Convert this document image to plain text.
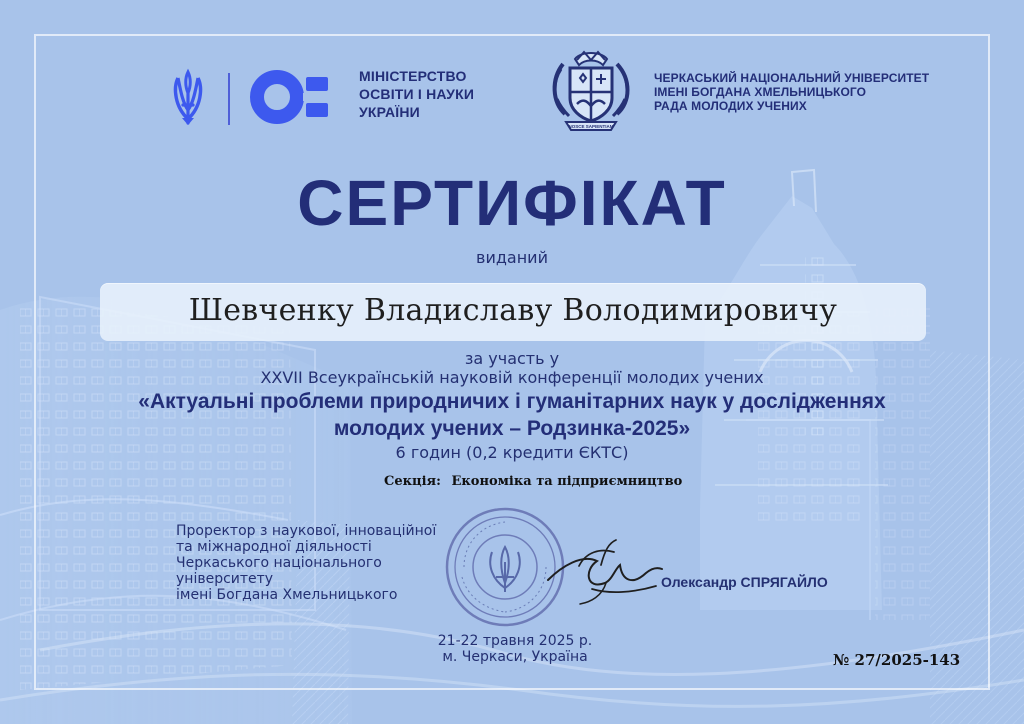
МІНІСТЕРСТВО
ОСВІТИ І НАУКИ
УКРАЇНИ
NOSCE SAPIENTIAM
ЧЕРКАСЬКИЙ НАЦІОНАЛЬНИЙ УНІВЕРСИТЕТ
ІМЕНІ БОГДАНА ХМЕЛЬНИЦЬКОГО
РАДА МОЛОДИХ УЧЕНИХ
СЕРТИФІКАТ
виданий
Шевченку Владиславу Володимировичу
за участь у
XXVII Всеукраїнській науковій конференції молодих учених
«Актуальні проблеми природничих і гуманітарних наук у дослідженнях
молодих учених – Родзинка-2025»
6 годин (0,2 кредити ЄКТС)
Секція: Економіка та підприємництво
Проректор з наукової, інноваційної
та міжнародної діяльності
Черкаського національного університету
імені Богдана Хмельницького
Олександр СПРЯГАЙЛО
21-22 травня 2025 р.
м. Черкаси, Україна	№ 27/2025-143
